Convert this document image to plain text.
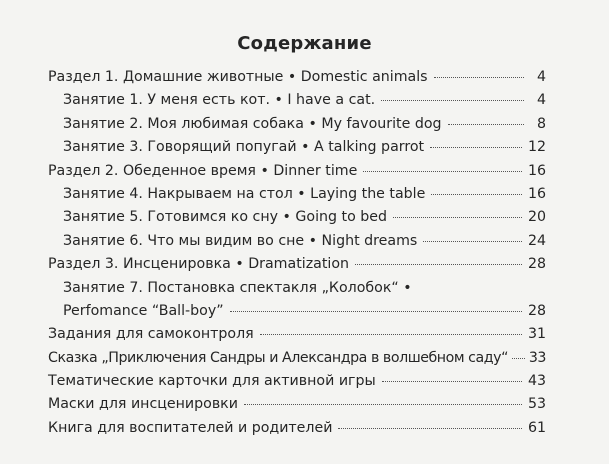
Содержание
Раздел 1. Домашние животные • Domestic animals	4
Занятие 1. У меня есть кот. • I have a cat.	4
Занятие 2. Моя любимая собака • My favourite dog	8
Занятие 3. Говорящий попугай • A talking parrot	12
Раздел 2. Обеденное время • Dinner time	16
Занятие 4. Накрываем на стол • Laying the table	16
Занятие 5. Готовимся ко сну • Going to bed	20
Занятие 6. Что мы видим во сне • Night dreams	24
Раздел 3. Инсценировка • Dramatization	28
Занятие 7. Постановка спектакля „Колобок“ •
Perfomance “Ball-boy”	28
Задания для самоконтроля	31
Сказка „Приключения Сандры и Александра в волшебном саду“ 33
Тематические карточки для активной игры	43
Маски для инсценировки	53
Книга для воспитателей и родителей	61
